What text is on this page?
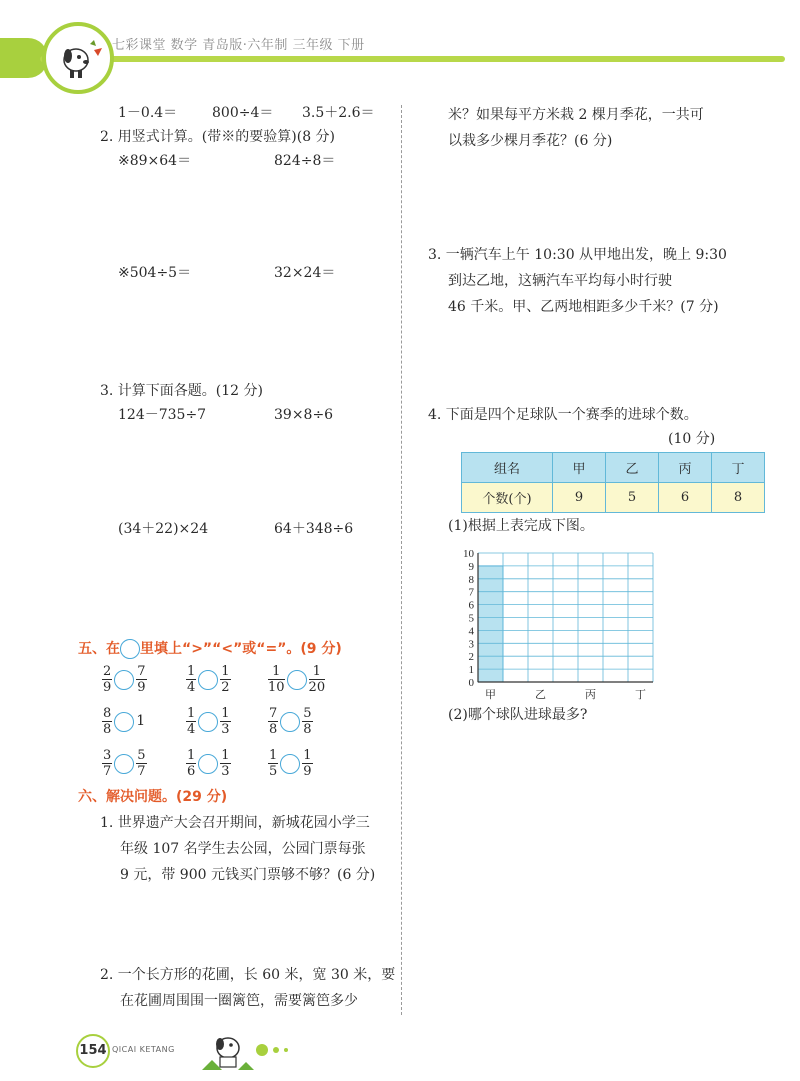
七彩课堂 数学 青岛版·六年制 三年级 下册
1－0.4＝ 800÷4＝ 3.5＋2.6＝
2. 用竖式计算。(带※的要验算)(8 分)
※89×64＝	824÷8＝
※504÷5＝	32×24＝
3. 计算下面各题。(12 分)
124－735÷7	39×8÷6
(34＋22)×24	64＋348÷6
五、在 里填上“>”“<”或“=”。(9 分)
$\frac{2}{9} \frac{7}{9}$	$\frac{1}{4} \frac{1}{2}$	$\frac{1}{10} \frac{1}{20}$
$\frac{8}{8} 1$	$\frac{1}{4} \frac{1}{3}$	$\frac{7}{8} \frac{5}{8}$
$\frac{3}{7} \frac{5}{7}$	$\frac{1}{6} \frac{1}{3}$	$\frac{1}{5} \frac{1}{9}$
六、解决问题。(29 分)
1. 世界遗产大会召开期间，新城花园小学三
年级 107 名学生去公园，公园门票每张
9 元，带 900 元钱买门票够不够？(6 分)
2. 一个长方形的花圃，长 60 米，宽 30 米，要
在花圃周围围一圈篱笆，需要篱笆多少
米？如果每平方米栽 2 棵月季花，一共可
以栽多少棵月季花？(6 分)
3. 一辆汽车上午 10:30 从甲地出发，晚上 9:30
到达乙地，这辆汽车平均每小时行驶
46 千米。甲、乙两地相距多少千米？(7 分)
4. 下面是四个足球队一个赛季的进球个数。
(10 分)
组名	甲	乙	丙	丁
个数(个)	9	5	6	8
(1)根据上表完成下图。
0
1
2
3
4
5
6
7
8
9
10
甲	乙	丙	丁
(2)哪个球队进球最多?
154 QICAI KETANG
